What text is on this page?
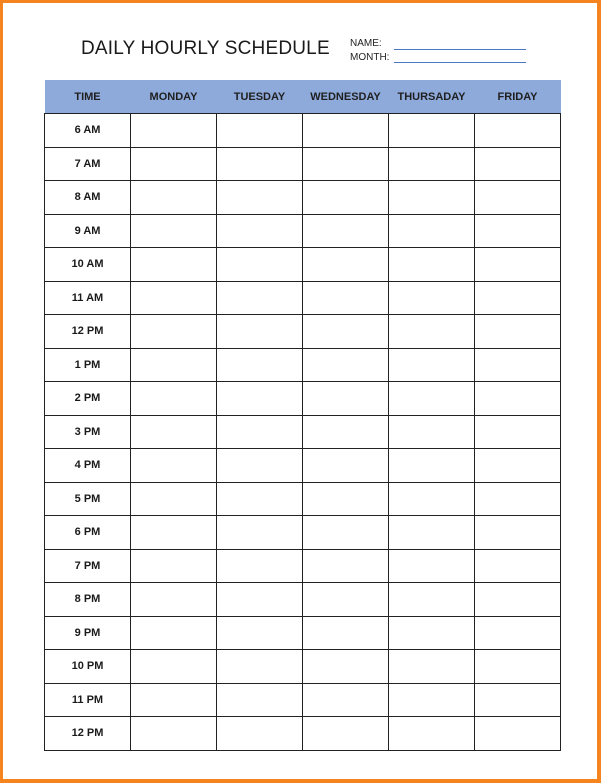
DAILY HOURLY SCHEDULE NAME:
MONTH:
TIME	MONDAY	TUESDAY	WEDNESDAY	THURSADAY	FRIDAY
6 AM					
7 AM					
8 AM					
9 AM					
10 AM					
11 AM					
12 PM					
1 PM					
2 PM					
3 PM					
4 PM					
5 PM					
6 PM					
7 PM					
8 PM					
9 PM					
10 PM					
11 PM					
12 PM					
